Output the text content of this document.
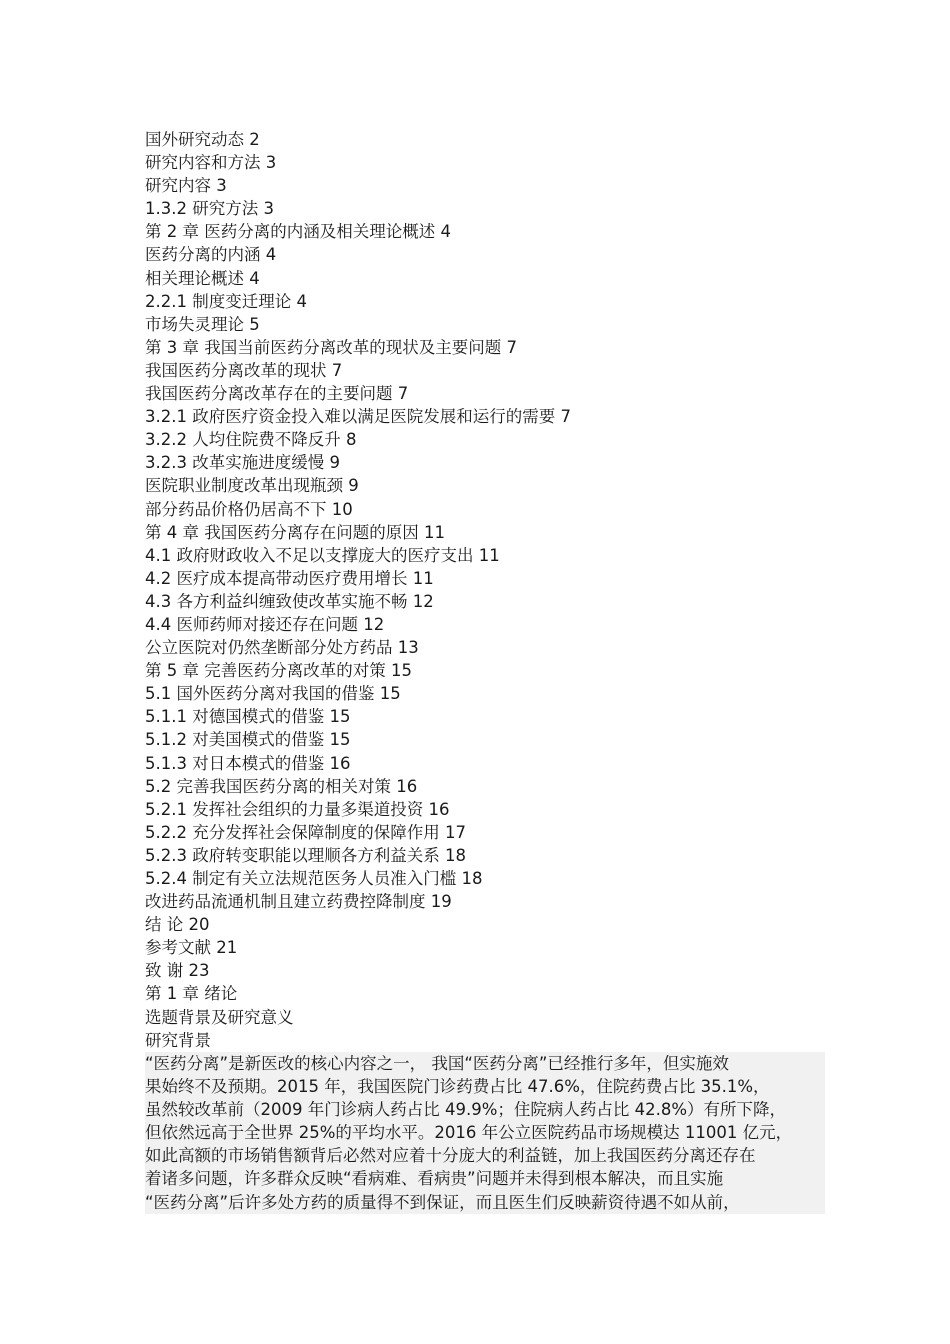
国外研究动态 2
研究内容和方法 3
研究内容 3
1.3.2 研究方法 3
第 2 章 医药分离的内涵及相关理论概述 4
医药分离的内涵 4
相关理论概述 4
2.2.1 制度变迁理论 4
市场失灵理论 5
第 3 章 我国当前医药分离改革的现状及主要问题 7
我国医药分离改革的现状 7
我国医药分离改革存在的主要问题 7
3.2.1 政府医疗资金投入难以满足医院发展和运行的需要 7
3.2.2 人均住院费不降反升 8
3.2.3 改革实施进度缓慢 9
医院职业制度改革出现瓶颈 9
部分药品价格仍居高不下 10
第 4 章 我国医药分离存在问题的原因 11
4.1 政府财政收入不足以支撑庞大的医疗支出 11
4.2 医疗成本提高带动医疗费用增长 11
4.3 各方利益纠缠致使改革实施不畅 12
4.4 医师药师对接还存在问题 12
公立医院对仍然垄断部分处方药品 13
第 5 章 完善医药分离改革的对策 15
5.1 国外医药分离对我国的借鉴 15
5.1.1 对德国模式的借鉴 15
5.1.2 对美国模式的借鉴 15
5.1.3 对日本模式的借鉴 16
5.2 完善我国医药分离的相关对策 16
5.2.1 发挥社会组织的力量多渠道投资 16
5.2.2 充分发挥社会保障制度的保障作用 17
5.2.3 政府转变职能以理顺各方利益关系 18
5.2.4 制定有关立法规范医务人员准入门槛 18
改进药品流通机制且建立药费控降制度 19
结 论 20
参考文献 21
致 谢 23
第 1 章 绪论
选题背景及研究意义
研究背景
“医药分离”是新医改的核心内容之一， 我国“医药分离”已经推行多年，但实施效
果始终不及预期。2015 年，我国医院门诊药费占比 47.6%，住院药费占比 35.1%，
虽然较改革前（2009 年门诊病人药占比 49.9%；住院病人药占比 42.8%）有所下降，
但依然远高于全世界 25%的平均水平。2016 年公立医院药品市场规模达 11001 亿元，
如此高额的市场销售额背后必然对应着十分庞大的利益链，加上我国医药分离还存在
着诸多问题，许多群众反映“看病难、看病贵”问题并未得到根本解决，而且实施
“医药分离”后许多处方药的质量得不到保证，而且医生们反映薪资待遇不如从前，
